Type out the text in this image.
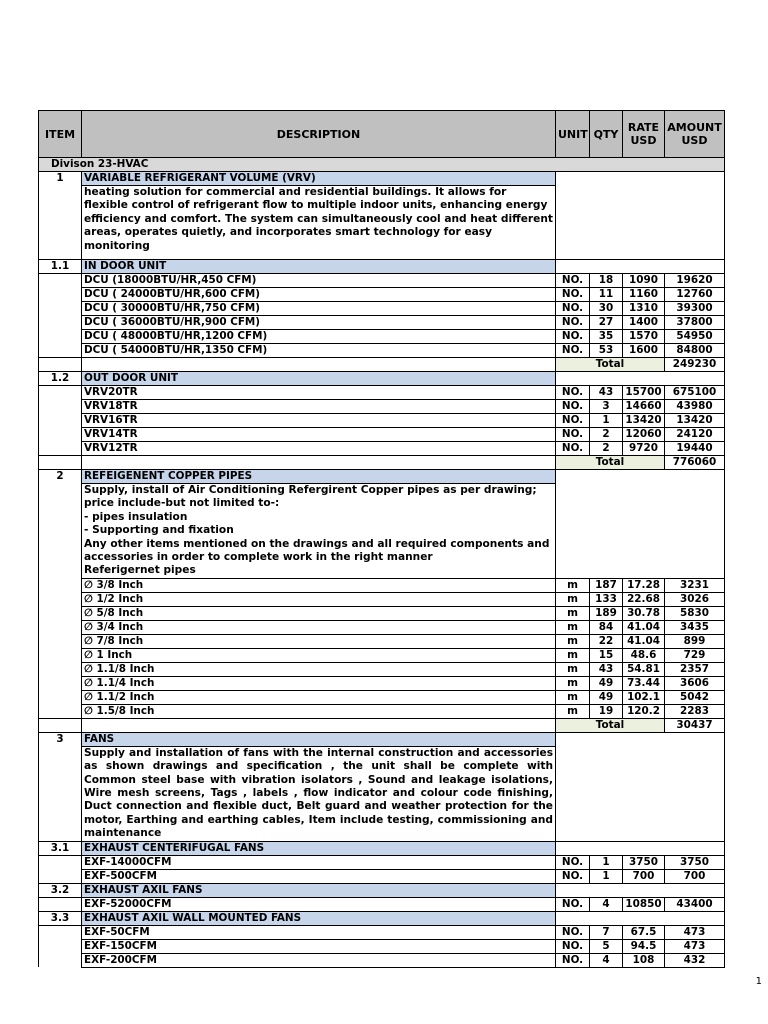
ITEM	DESCRIPTION	UNIT	QTY	RATE USD	AMOUNT USD
Divison 23-HVAC					
1	VARIABLE REFRIGERANT VOLUME (VRV)				

	heating solution for commercial and residential buildings. It allows for flexible control of refrigerant flow to multiple indoor units, enhancing energy efficiency and comfort. The system can simultaneously cool and heat different areas, operates quietly, and incorporates smart technology for easy monitoring				

1.1	IN DOOR UNIT				
	DCU (18000BTU/HR,450 CFM)	NO.	18	1090	19620
	DCU ( 24000BTU/HR,600 CFM)	NO.	11	1160	12760
	DCU ( 30000BTU/HR,750 CFM)	NO.	30	1310	39300
	DCU ( 36000BTU/HR,900 CFM)	NO.	27	1400	37800
	DCU ( 48000BTU/HR,1200 CFM)	NO.	35	1570	54950
	DCU ( 54000BTU/HR,1350 CFM)	NO.	53	1600	84800
		Total			249230
1.2	OUT DOOR UNIT				
	VRV20TR	NO.	43	15700	675100
	VRV18TR	NO.	3	14660	43980
	VRV16TR	NO.	1	13420	13420
	VRV14TR	NO.	2	12060	24120
	VRV12TR	NO.	2	9720	19440
		Total			776060
2	REFEIGENENT COPPER PIPES				

	Supply, install of Air Conditioning Refergirent Copper pipes as per drawing; price include-but not limited to-:
- pipes insulation
- Supporting and fixation
Any other items mentioned on the drawings and all required components and accessories in order to complete work in the right manner
Referigernet pipes				

	∅ 3/8 Inch	m	187	17.28	3231
	∅ 1/2 Inch	m	133	22.68	3026
	∅ 5/8 Inch	m	189	30.78	5830
	∅ 3/4 Inch	m	84	41.04	3435
	∅ 7/8 Inch	m	22	41.04	899
	∅ 1 Inch	m	15	48.6	729
	∅ 1.1/8 Inch	m	43	54.81	2357
	∅ 1.1/4 Inch	m	49	73.44	3606
	∅ 1.1/2 Inch	m	49	102.1	5042
	∅ 1.5/8 Inch	m	19	120.2	2283
		Total			30437
3	FANS				
	Supply and installation of fans with the internal construction and accessories as shown drawings and specification , the unit shall be complete with Common steel base with vibration isolators , Sound and leakage isolations, Wire mesh screens, Tags , labels , flow indicator and colour code finishing, Duct connection and flexible duct, Belt guard and weather protection for the motor, Earthing and earthing cables, Item include testing, commissioning and maintenance				
3.1	EXHAUST CENTERIFUGAL FANS				
	EXF-14000CFM	NO.	1	3750	3750
	EXF-500CFM	NO.	1	700	700
3.2	EXHAUST AXIL FANS				
	EXF-52000CFM	NO.	4	10850	43400
3.3	EXHAUST AXIL WALL MOUNTED FANS				
	EXF-50CFM	NO.	7	67.5	473
	EXF-150CFM	NO.	5	94.5	473
	EXF-200CFM	NO.	4	108	432
1
